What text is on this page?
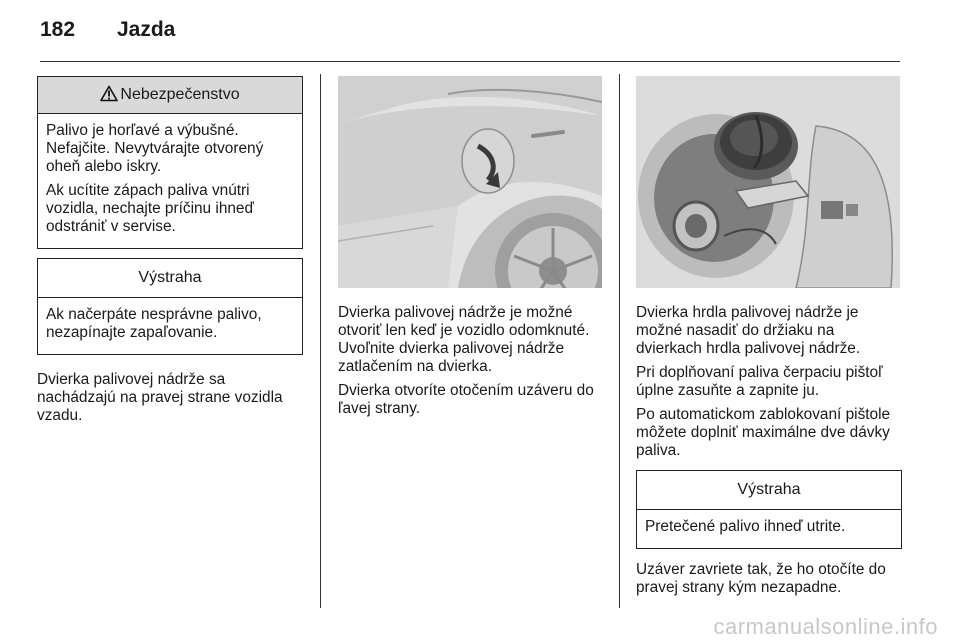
182 Jazda
Nebezpečenstvo

Palivo je horľavé a výbušné. Nefajčite. Nevytvárajte otvorený oheň alebo iskry.

Ak ucítite zápach paliva vnútri vozidla, nechajte príčinu ihneď odstrániť v servise.

Výstraha

Ak načerpáte nesprávne palivo, nezapínajte zapaľovanie.

Dvierka palivovej nádrže sa nachádzajú na pravej strane vozidla vzadu.

Dvierka palivovej nádrže je možné otvoriť len keď je vozidlo odomknuté. Uvoľnite dvierka palivovej nádrže zatlačením na dvierka.

Dvierka otvoríte otočením uzáveru do ľavej strany.

Dvierka hrdla palivovej nádrže je možné nasadiť do držiaku na dvierkach hrdla palivovej nádrže.

Pri doplňovaní paliva čerpaciu pištoľ úplne zasuňte a zapnite ju.

Po automatickom zablokovaní pištole môžete doplniť maximálne dve dávky paliva.

Výstraha

Pretečené palivo ihneď utrite.

Uzáver zavriete tak, že ho otočíte do pravej strany kým nezapadne.

carmanualsonline.info
